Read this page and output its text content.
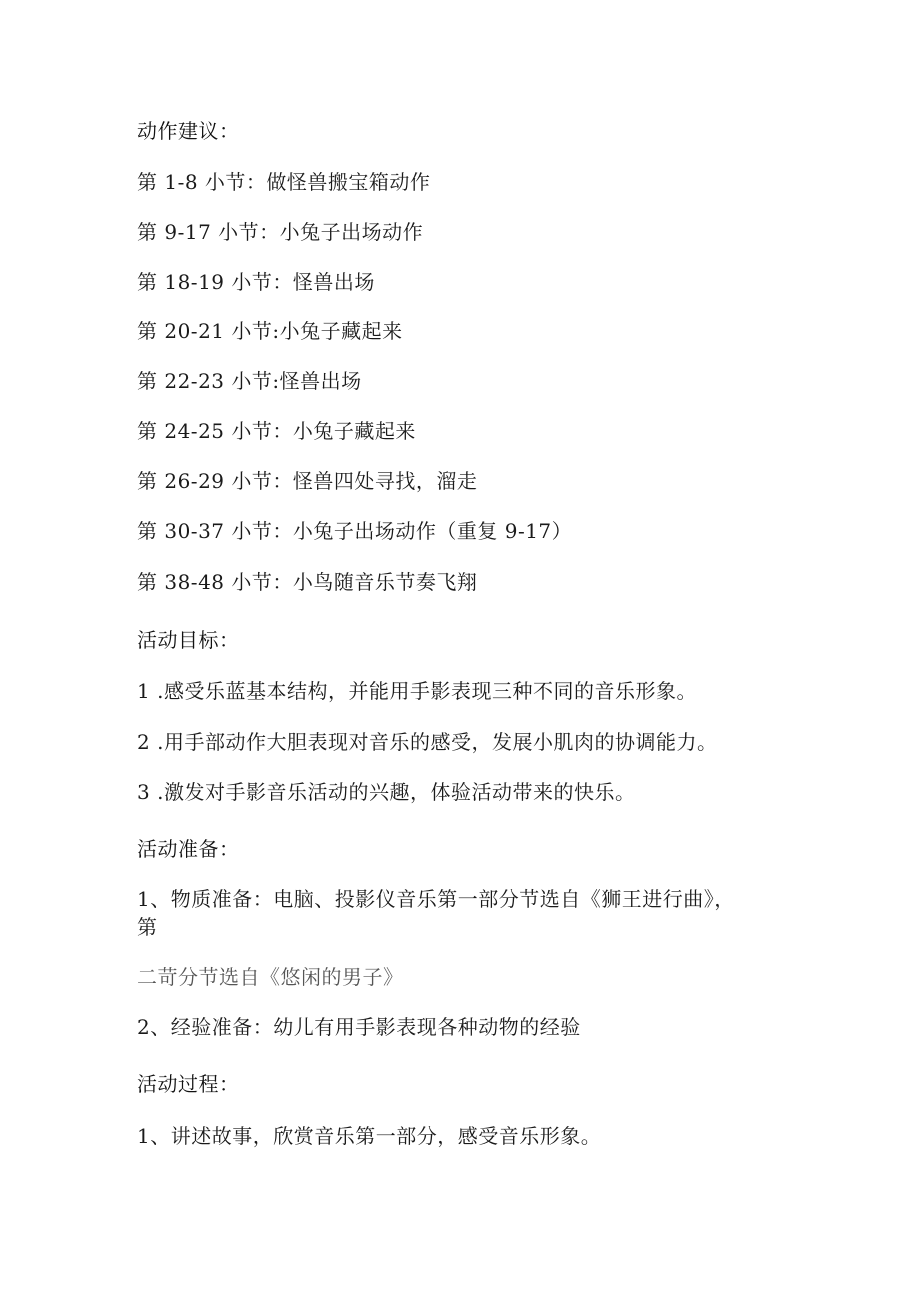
动作建议：
第 1-8 小节：做怪兽搬宝箱动作
第 9-17 小节：小兔子出场动作
第 18-19 小节：怪兽出场
第 20-21 小节:小兔子藏起来
第 22-23 小节:怪兽出场
第 24-25 小节：小兔子藏起来
第 26-29 小节：怪兽四处寻找，溜走
第 30-37 小节：小兔子出场动作（重复 9-17）
第 38-48 小节：小鸟随音乐节奏飞翔
活动目标：
1 .感受乐蓝基本结构，并能用手影表现三种不同的音乐形象。
2 .用手部动作大胆表现对音乐的感受，发展小肌肉的协调能力。
3 .激发对手影音乐活动的兴趣，体验活动带来的快乐。
活动准备：
1、物质准备：电脑、投影仪音乐第一部分节选自《狮王进行曲》，
第
二苛分节选自《悠闲的男子》
2、经验准备：幼儿有用手影表现各种动物的经验
活动过程：
1、讲述故事，欣赏音乐第一部分，感受音乐形象。
